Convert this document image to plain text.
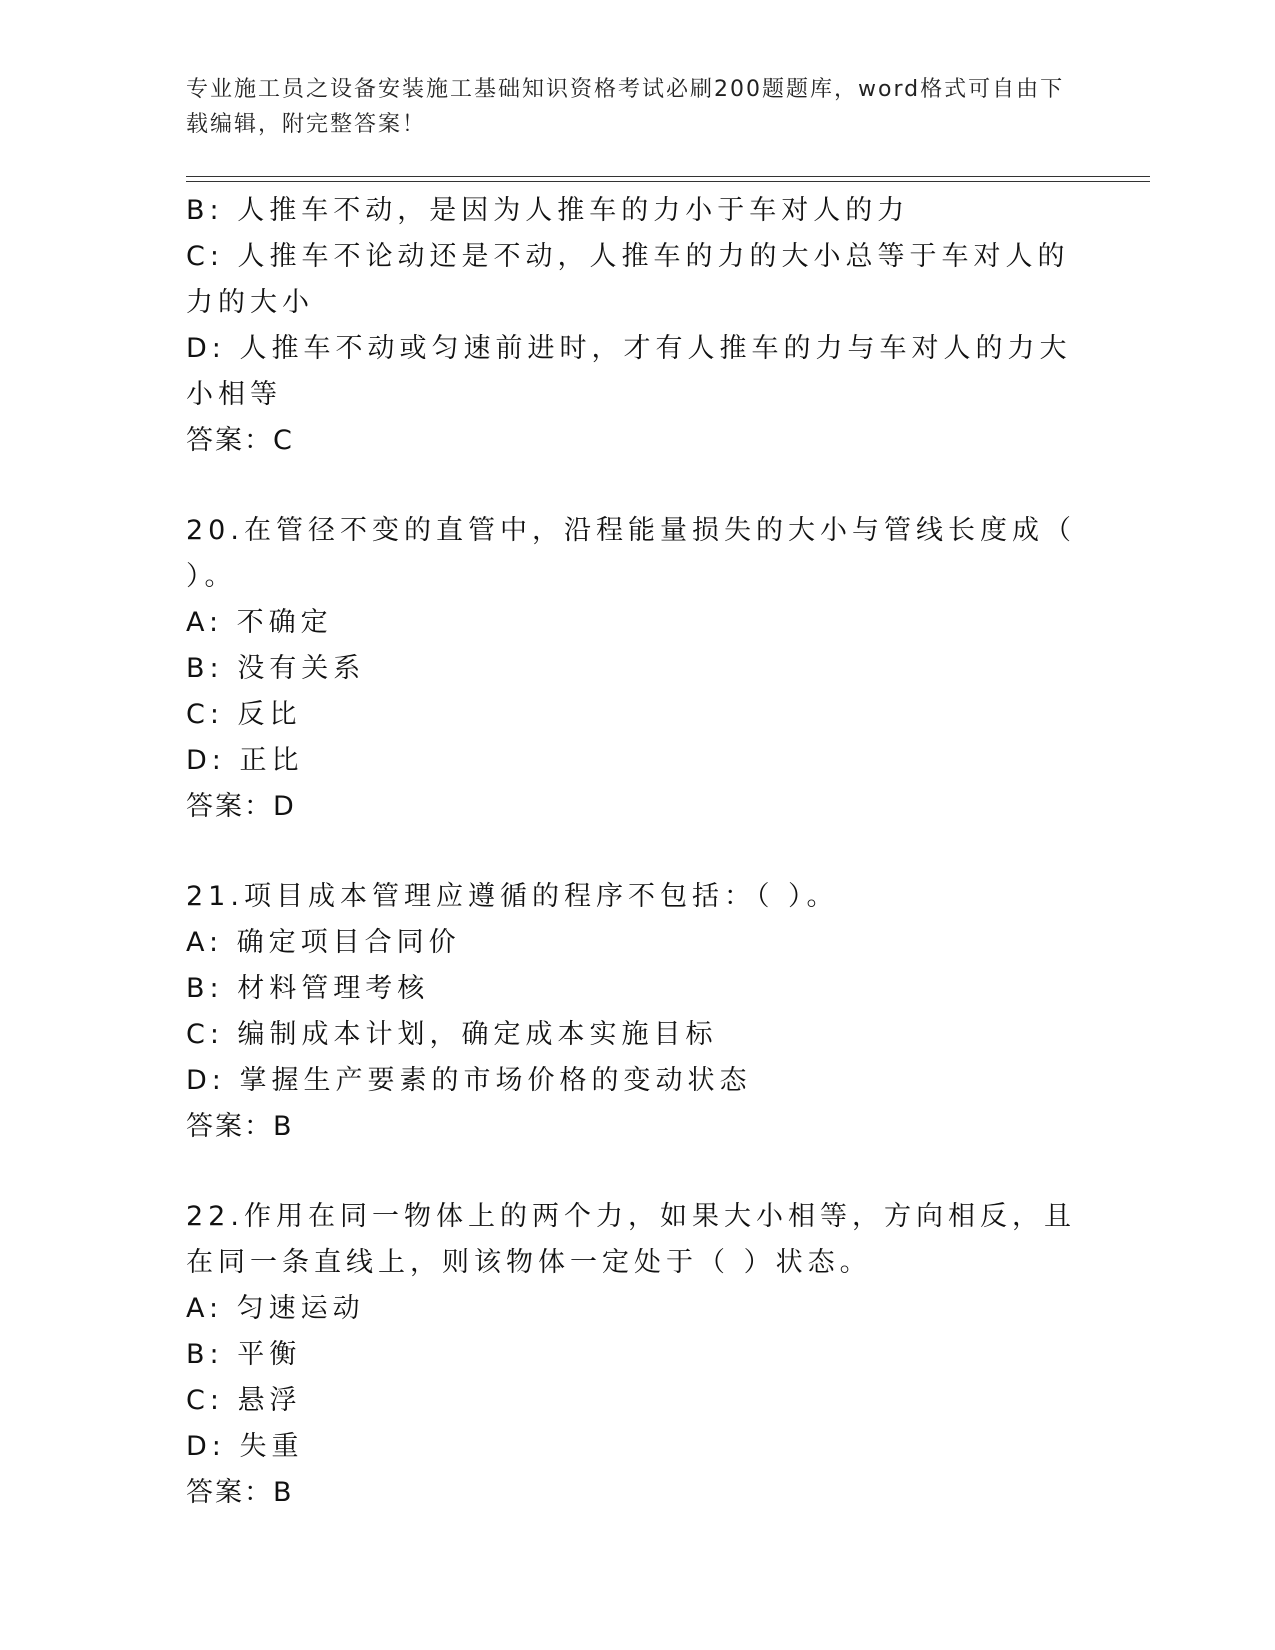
专业施工员之设备安装施工基础知识资格考试必刷200题题库，word格式可自由下载编辑，附完整答案！
B: 人推车不动，是因为人推车的力小于车对人的力
C: 人推车不论动还是不动，人推车的力的大小总等于车对人的力的大小
D: 人推车不动或匀速前进时，才有人推车的力与车对人的力大小相等
答案：C
20.在管径不变的直管中，沿程能量损失的大小与管线长度成（ ）。
A: 不确定
B: 没有关系
C: 反比
D: 正比
答案：D
21.项目成本管理应遵循的程序不包括：（ ）。
A: 确定项目合同价
B: 材料管理考核
C: 编制成本计划，确定成本实施目标
D: 掌握生产要素的市场价格的变动状态
答案：B
22.作用在同一物体上的两个力，如果大小相等，方向相反，且在同一条直线上，则该物体一定处于（ ）状态。
A: 匀速运动
B: 平衡
C: 悬浮
D: 失重
答案：B
